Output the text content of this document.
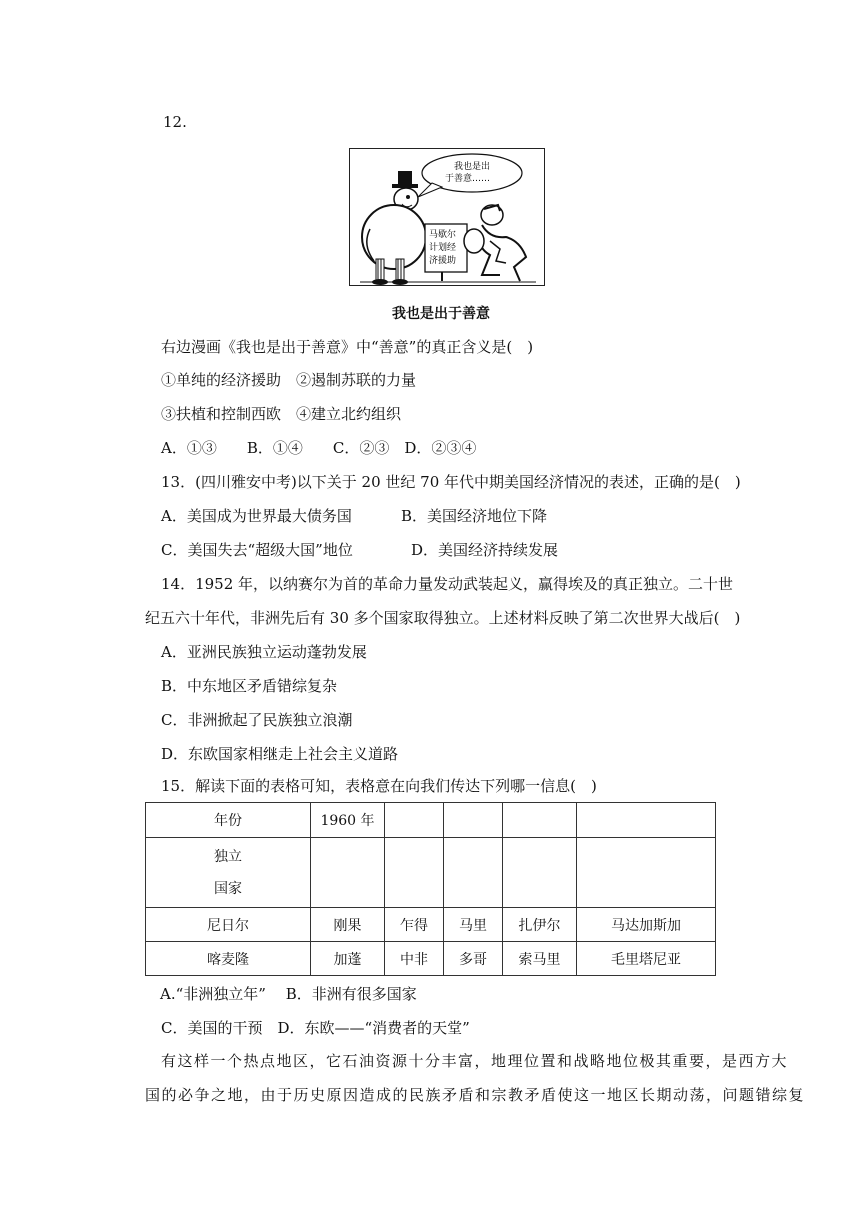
12.
我也是出
于善意……
马歇尔
计划经
济援助
我也是出于善意
右边漫画《我也是出于善意》中“善意”的真正含义是(　)
①单纯的经济援助　②遏制苏联的力量
③扶植和控制西欧　④建立北约组织
A．①③　　B．①④　　C．②③　D．②③④
13．(四川雅安中考)以下关于 20 世纪 70 年代中期美国经济情况的表述，正确的是(　)
A．美国成为世界最大债务国	B．美国经济地位下降
C．美国失去“超级大国”地位	D．美国经济持续发展
14．1952 年，以纳赛尔为首的革命力量发动武装起义，赢得埃及的真正独立。二十世
纪五六十年代，非洲先后有 30 多个国家取得独立。上述材料反映了第二次世界大战后(　)
A．亚洲民族独立运动蓬勃发展
B．中东地区矛盾错综复杂
C．非洲掀起了民族独立浪潮
D．东欧国家相继走上社会主义道路
15．解读下面的表格可知，表格意在向我们传达下列哪一信息(　)
年份	1960 年				

独立
国家					

尼日尔	刚果	乍得	马里	扎伊尔	马达加斯加
喀麦隆	加蓬	中非	多哥	索马里	毛里塔尼亚
A.“非洲独立年”　 B．非洲有很多国家
C．美国的干预　D．东欧——“消费者的天堂”
有这样一个热点地区，它石油资源十分丰富，地理位置和战略地位极其重要，是西方大
国的必争之地，由于历史原因造成的民族矛盾和宗教矛盾使这一地区长期动荡，问题错综复
